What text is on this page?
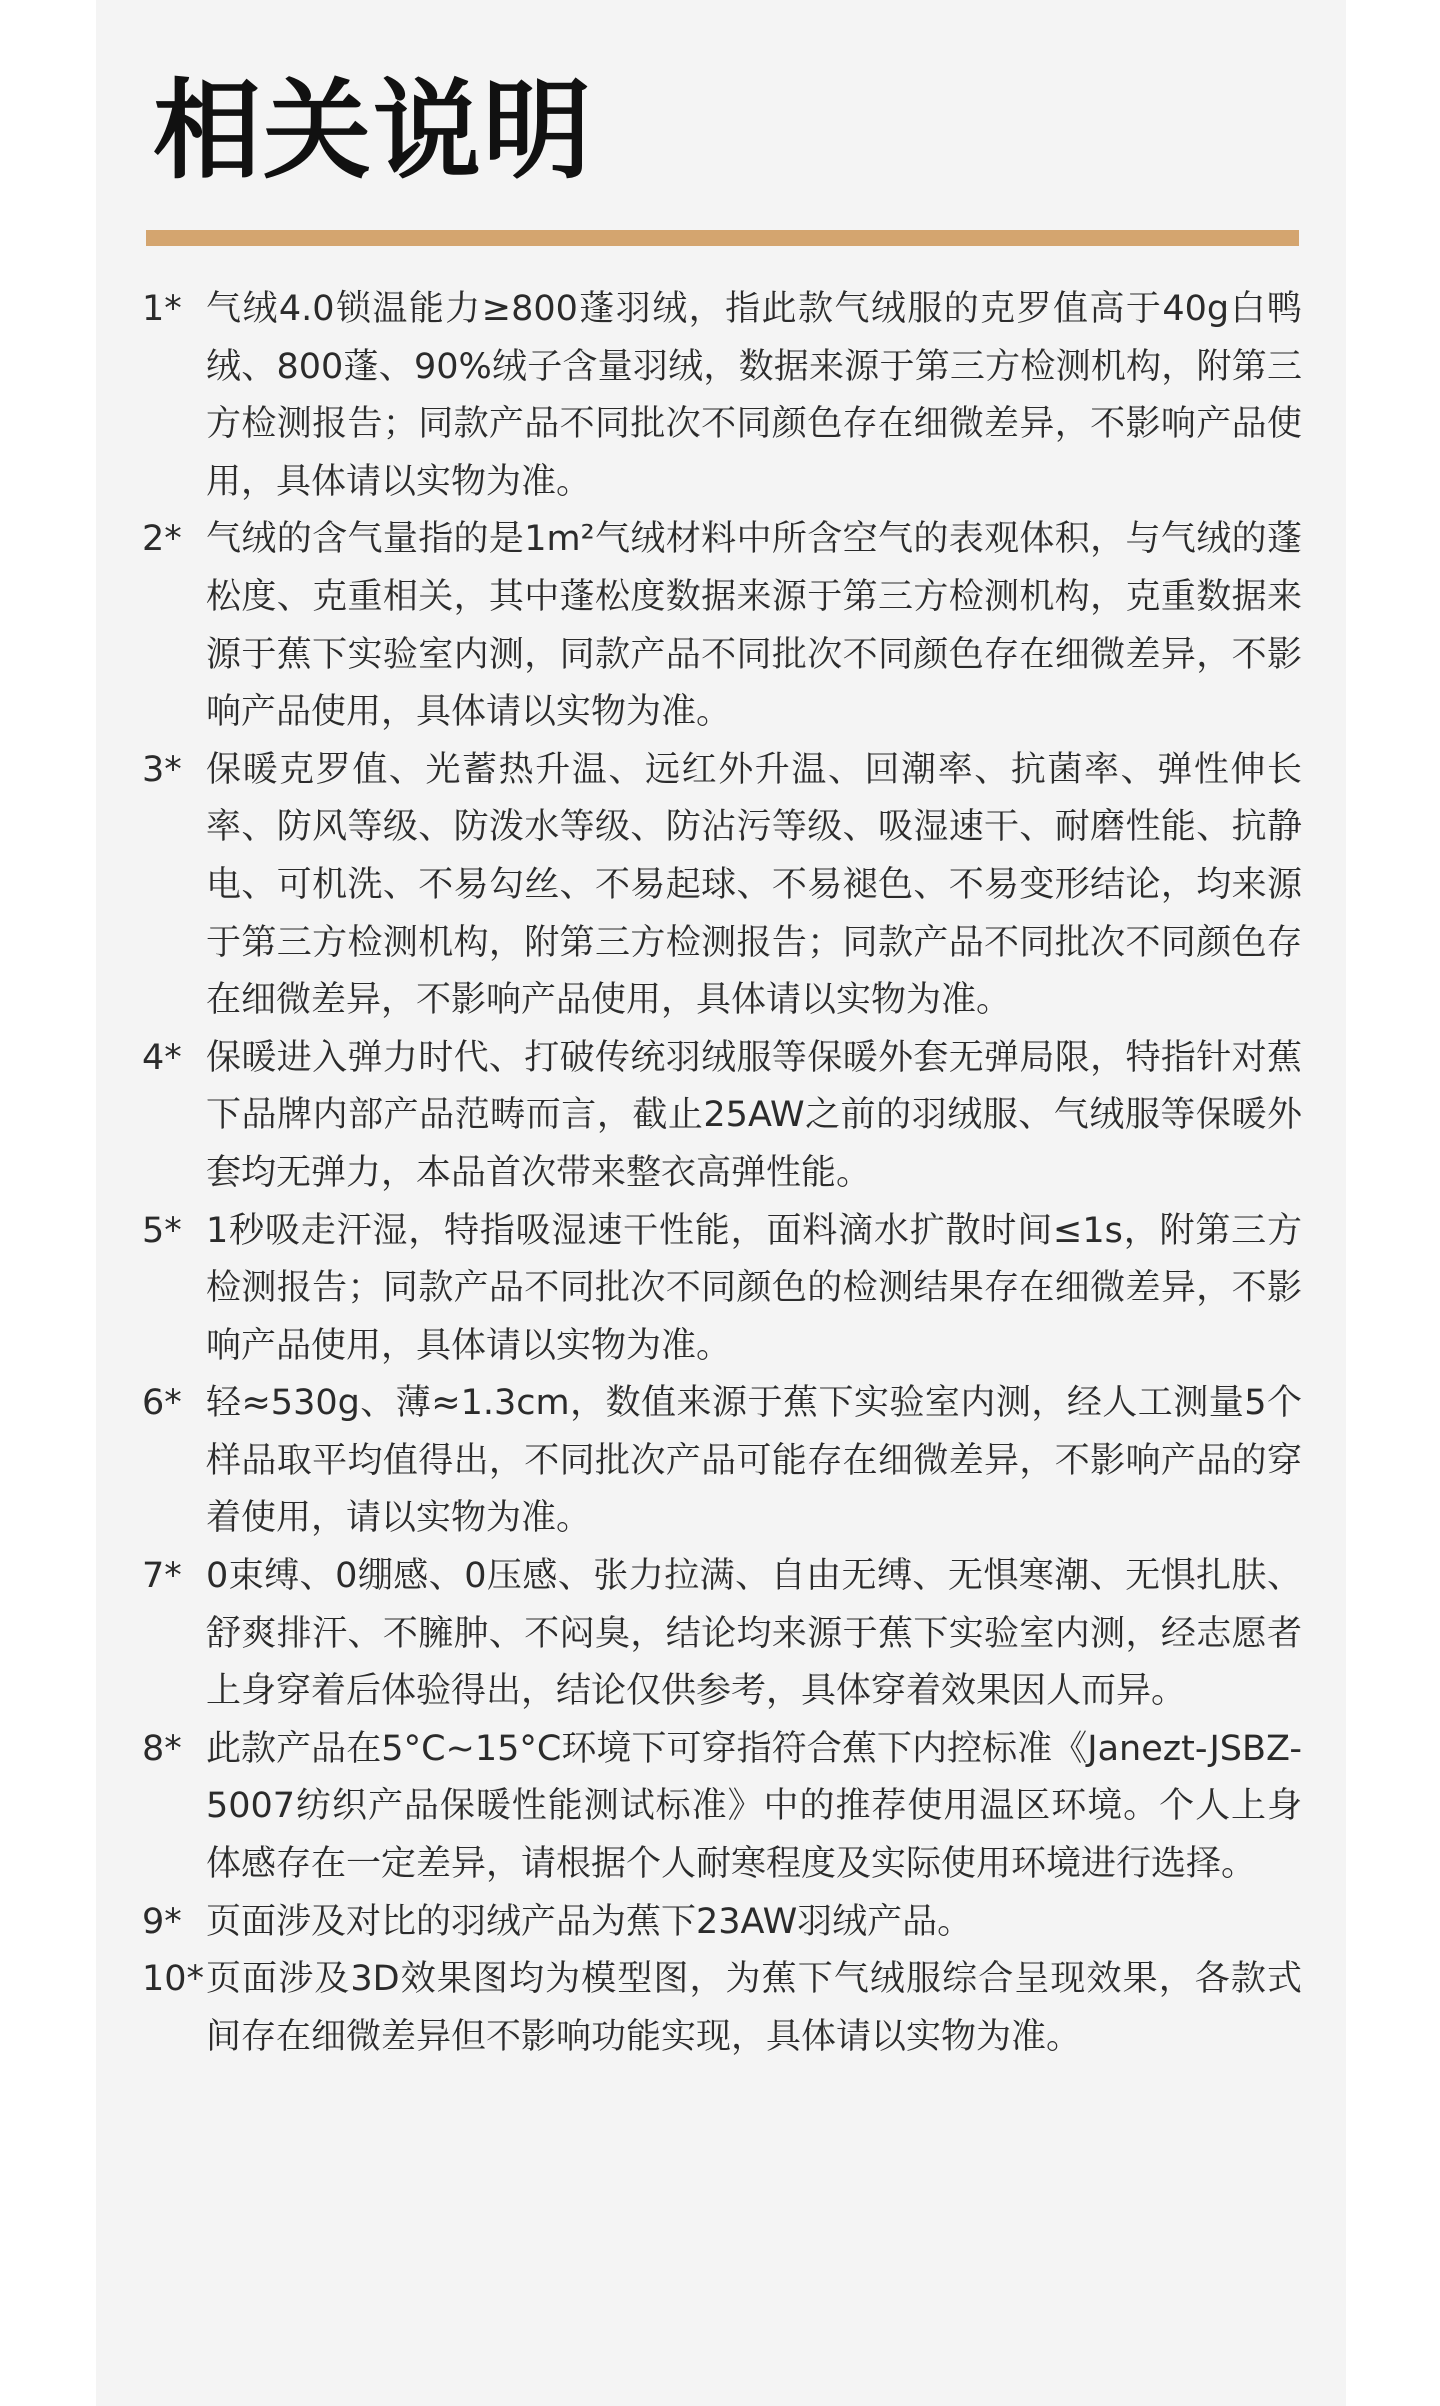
相关说明
1* 气绒4.0锁温能力≥800蓬羽绒，指此款气绒服的克罗值高于40g白鸭绒、800蓬、90%绒子含量羽绒，数据来源于第三方检测机构，附第三方检测报告；同款产品不同批次不同颜色存在细微差异，不影响产品使用，具体请以实物为准。
2* 气绒的含气量指的是1m²气绒材料中所含空气的表观体积，与气绒的蓬松度、克重相关，其中蓬松度数据来源于第三方检测机构，克重数据来源于蕉下实验室内测，同款产品不同批次不同颜色存在细微差异，不影响产品使用，具体请以实物为准。
3* 保暖克罗值、光蓄热升温、远红外升温、回潮率、抗菌率、弹性伸长率、防风等级、防泼水等级、防沾污等级、吸湿速干、耐磨性能、抗静电、可机洗、不易勾丝、不易起球、不易褪色、不易变形结论，均来源于第三方检测机构，附第三方检测报告；同款产品不同批次不同颜色存在细微差异，不影响产品使用，具体请以实物为准。
4* 保暖进入弹力时代、打破传统羽绒服等保暖外套无弹局限，特指针对蕉下品牌内部产品范畴而言，截止25AW之前的羽绒服、气绒服等保暖外套均无弹力，本品首次带来整衣高弹性能。
5* 1秒吸走汗湿，特指吸湿速干性能，面料滴水扩散时间≤1s，附第三方检测报告；同款产品不同批次不同颜色的检测结果存在细微差异，不影响产品使用，具体请以实物为准。
6* 轻≈530g、薄≈1.3cm，数值来源于蕉下实验室内测，经人工测量5个样品取平均值得出，不同批次产品可能存在细微差异，不影响产品的穿着使用，请以实物为准。
7* 0束缚、0绷感、0压感、张力拉满、自由无缚、无惧寒潮、无惧扎肤、舒爽排汗、不臃肿、不闷臭，结论均来源于蕉下实验室内测，经志愿者上身穿着后体验得出，结论仅供参考，具体穿着效果因人而异。
8* 此款产品在5°C~15°C环境下可穿指符合蕉下内控标准《Janezt-JSBZ-5007纺织产品保暖性能测试标准》中的推荐使用温区环境。个人上身体感存在一定差异，请根据个人耐寒程度及实际使用环境进行选择。
9* 页面涉及对比的羽绒产品为蕉下23AW羽绒产品。
10* 页面涉及3D效果图均为模型图，为蕉下气绒服综合呈现效果，各款式间存在细微差异但不影响功能实现，具体请以实物为准。
